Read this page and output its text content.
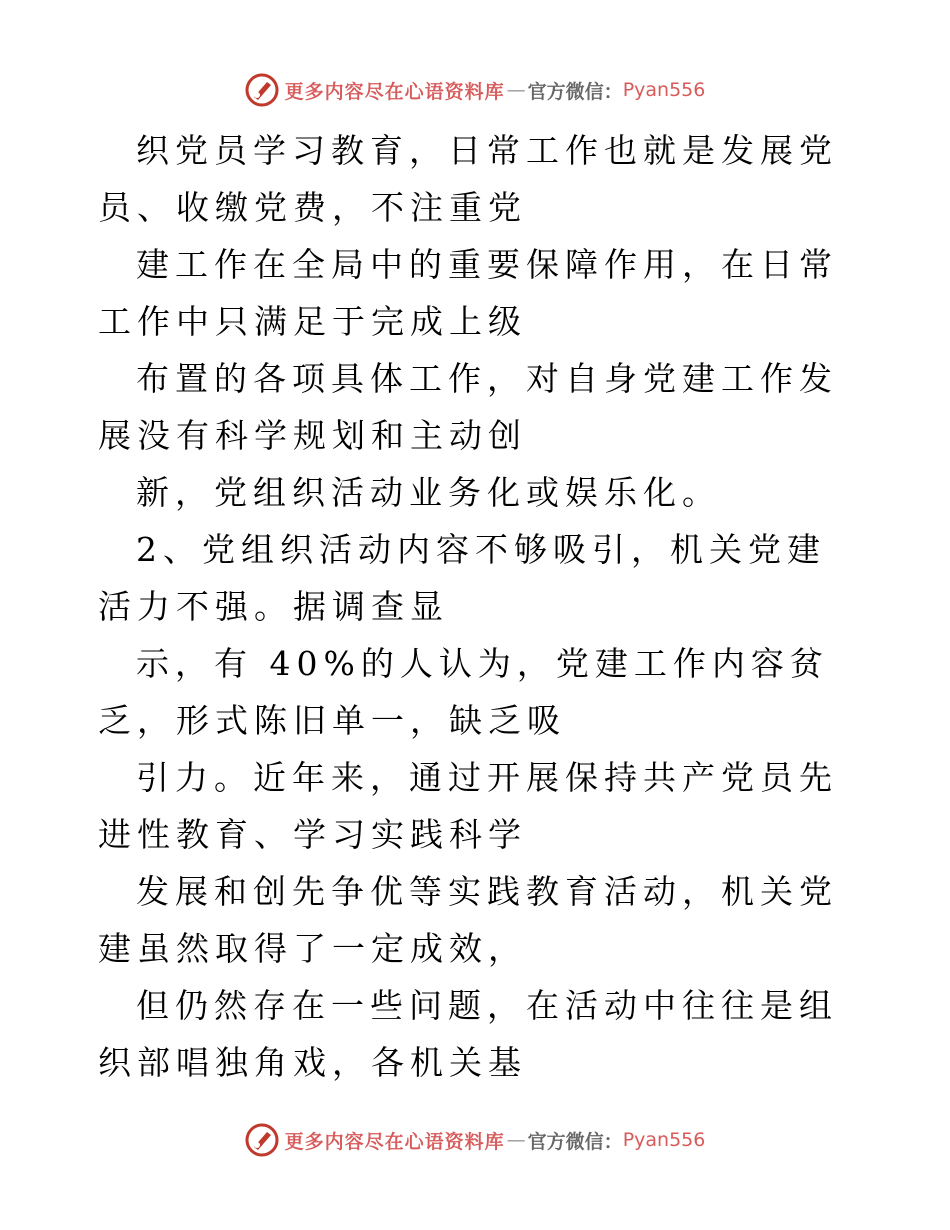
更多内容尽在心语资料库 — 官方微信： Pyan556

织党员学习教育，日常工作也就是发展党员、收缴党费，不注重党

建工作在全局中的重要保障作用，在日常工作中只满足于完成上级

布置的各项具体工作，对自身党建工作发展没有科学规划和主动创

新，党组织活动业务化或娱乐化。

2、党组织活动内容不够吸引，机关党建活力不强。据调查显

示，有 40%的人认为，党建工作内容贫乏，形式陈旧单一，缺乏吸

引力。近年来，通过开展保持共产党员先进性教育、学习实践科学

发展和创先争优等实践教育活动，机关党建虽然取得了一定成效，

但仍然存在一些问题，在活动中往往是组织部唱独角戏，各机关基

更多内容尽在心语资料库 — 官方微信： Pyan556
